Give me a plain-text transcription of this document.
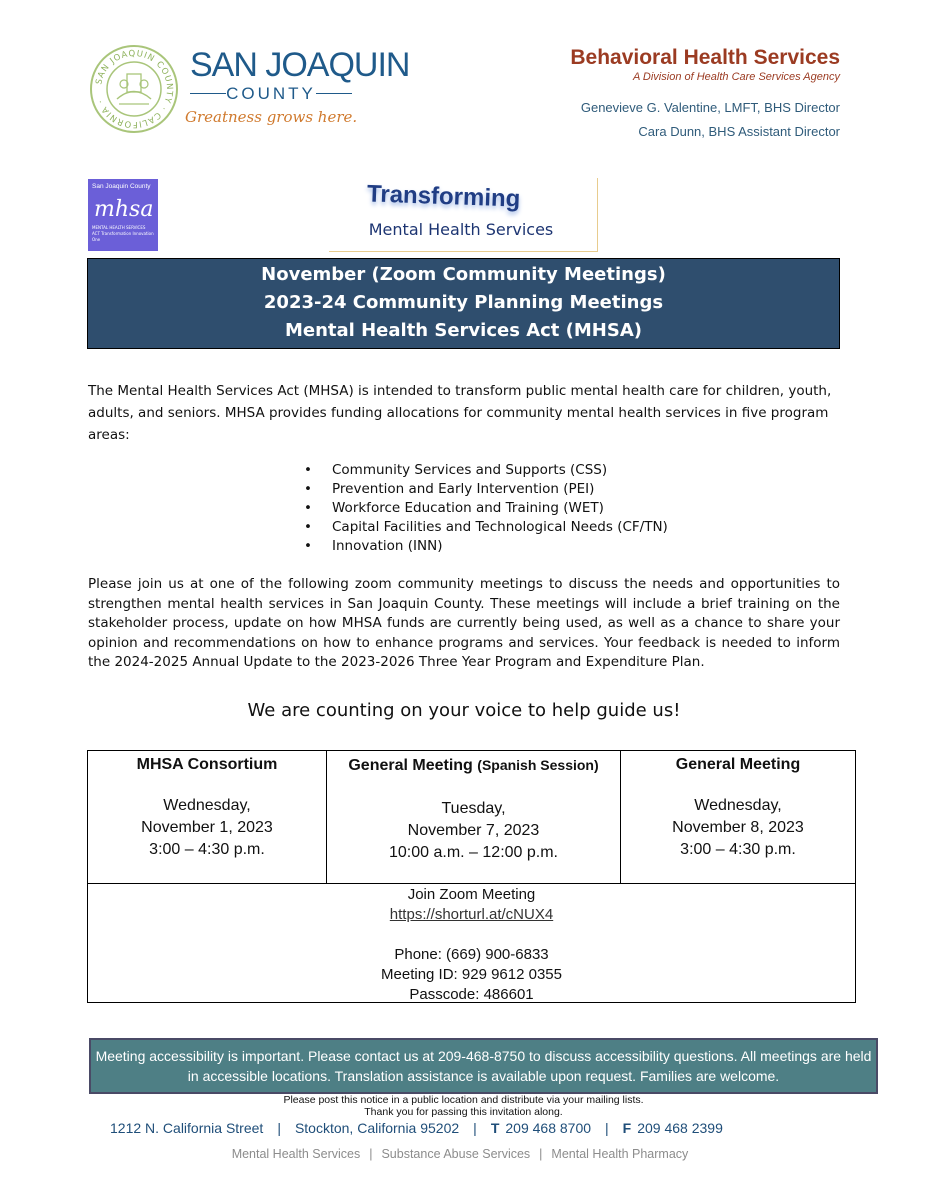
SAN JOAQUIN COUNTY · CALIFORNIA ·
SAN JOAQUIN
COUNTY
Greatness grows here.
Behavioral Health Services
A Division of Health Care Services Agency
Genevieve G. Valentine, LMFT, BHS Director
Cara Dunn, BHS Assistant Director
San Joaquin County
mhsa
MENTAL HEALTH SERVICES ACT Transformation Innovation One
Transforming
Mental Health Services
November (Zoom Community Meetings)
2023-24 Community Planning Meetings
Mental Health Services Act (MHSA)
The Mental Health Services Act (MHSA) is intended to transform public mental health care for children, youth, adults, and seniors. MHSA provides funding allocations for community mental health services in five program areas:
• Community Services and Supports (CSS)
• Prevention and Early Intervention (PEI)
• Workforce Education and Training (WET)
• Capital Facilities and Technological Needs (CF/TN)
• Innovation (INN)
Please join us at one of the following zoom community meetings to discuss the needs and opportunities to strengthen mental health services in San Joaquin County. These meetings will include a brief training on the stakeholder process, update on how MHSA funds are currently being used, as well as a chance to share your opinion and recommendations on how to enhance programs and services. Your feedback is needed to inform the 2024-2025 Annual Update to the 2023-2026 Three Year Program and Expenditure Plan.
We are counting on your voice to help guide us!
MHSA Consortium
Wednesday,
November 1, 2023
3:00 – 4:30 p.m.
General Meeting (Spanish Session)
Tuesday,
November 7, 2023
10:00 a.m. – 12:00 p.m.
General Meeting
Wednesday,
November 8, 2023
3:00 – 4:30 p.m.
Join Zoom Meeting
https://shorturl.at/cNUX4
Phone: (669) 900-6833
Meeting ID: 929 9612 0355
Passcode: 486601
Meeting accessibility is important. Please contact us at 209-468-8750 to discuss accessibility questions. All meetings are held in accessible locations. Translation assistance is available upon request. Families are welcome.
Please post this notice in a public location and distribute via your mailing lists.
Thank you for passing this invitation along.
1212 N. California Street | Stockton, California 95202 | T 209 468 8700 | F 209 468 2399
Mental Health Services | Substance Abuse Services | Mental Health Pharmacy
